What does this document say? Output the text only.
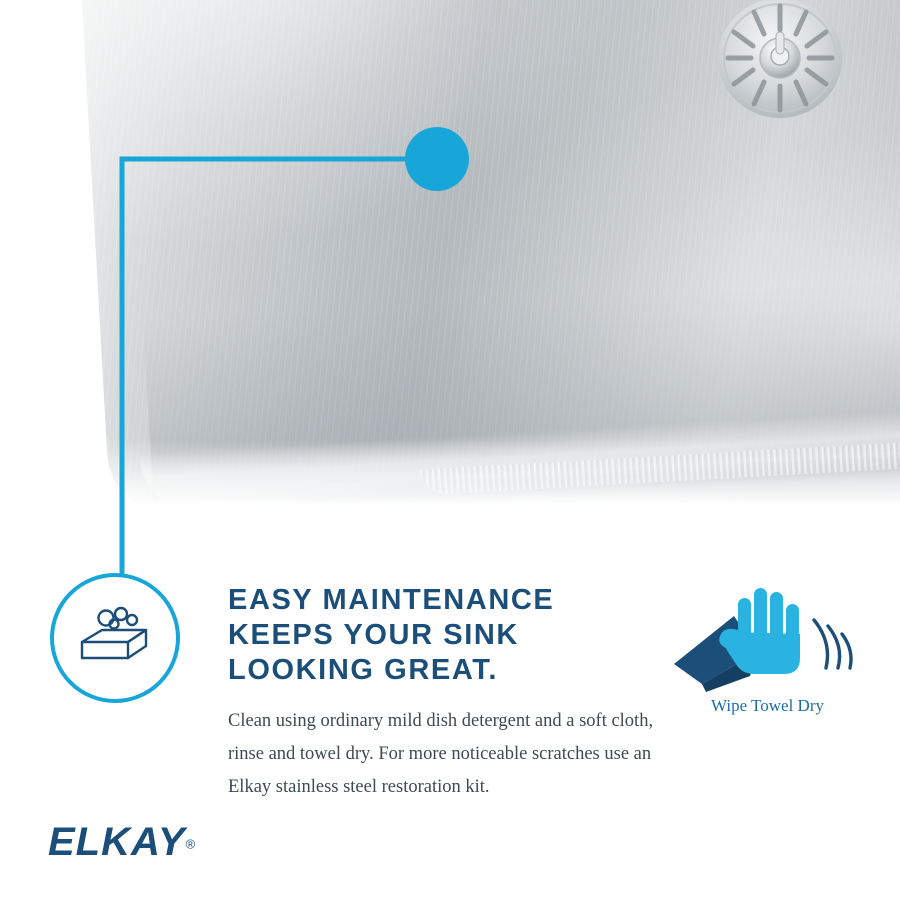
EASY MAINTENANCE
KEEPS YOUR SINK
LOOKING GREAT.
Clean using ordinary mild dish detergent and a soft cloth, rinse and towel dry. For more noticeable scratches use an Elkay stainless steel restoration kit.
Wipe Towel Dry
ELKAY®
